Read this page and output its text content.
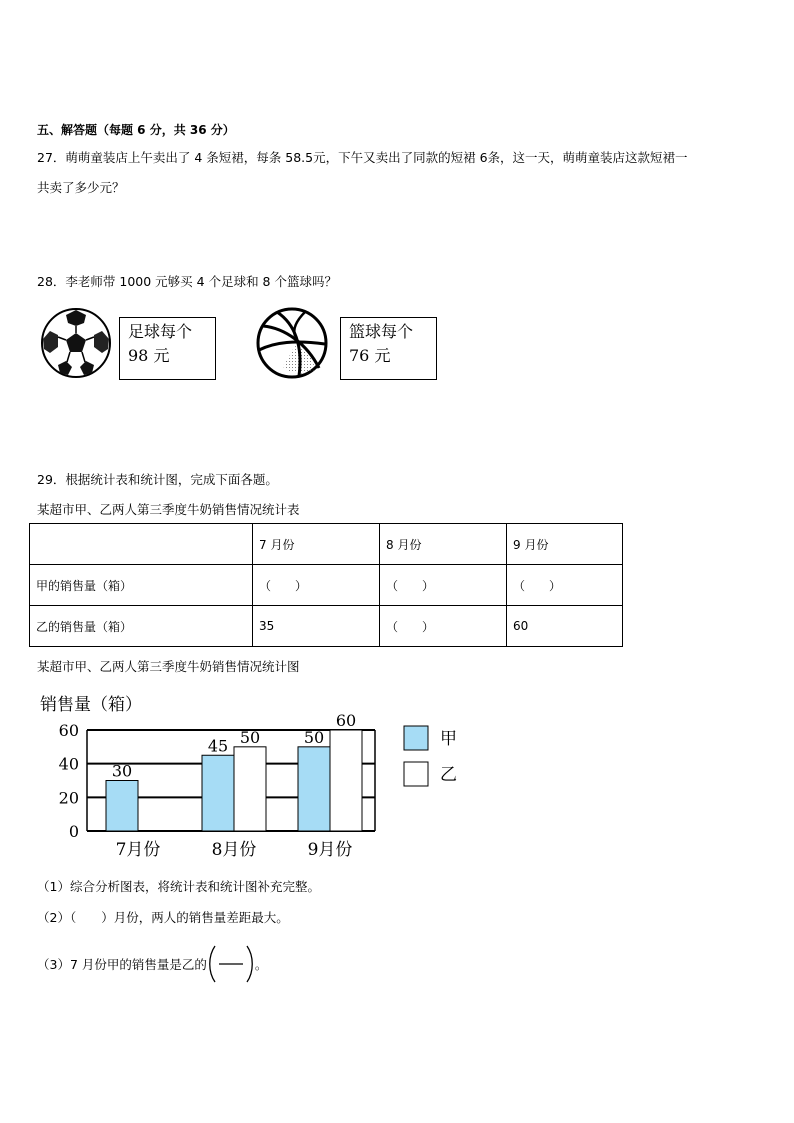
五、解答题（每题 6 分，共 36 分）
27．萌萌童装店上午卖出了 4 条短裙，每条 58.5元，下午又卖出了同款的短裙 6条，这一天，萌萌童装店这款短裙一
共卖了多少元？
28．李老师带 1000 元够买 4 个足球和 8 个篮球吗？
足球每个
98 元
篮球每个
76 元
29．根据统计表和统计图，完成下面各题。
某超市甲、乙两人第三季度牛奶销售情况统计表
	7 月份	8 月份	9 月份
甲的销售量（箱）	（　　）	（　　）	（　　）
乙的销售量（箱）	35	（　　）	60
某超市甲、乙两人第三季度牛奶销售情况统计图
销售量（箱）
0
20
40
60
30
7月份
45 50
8月份
50
60
9月份
甲
乙
（1）综合分析图表，将统计表和统计图补充完整。
（2）（　　）月份，两人的销售量差距最大。
（3）7 月份甲的销售量是乙的	。
